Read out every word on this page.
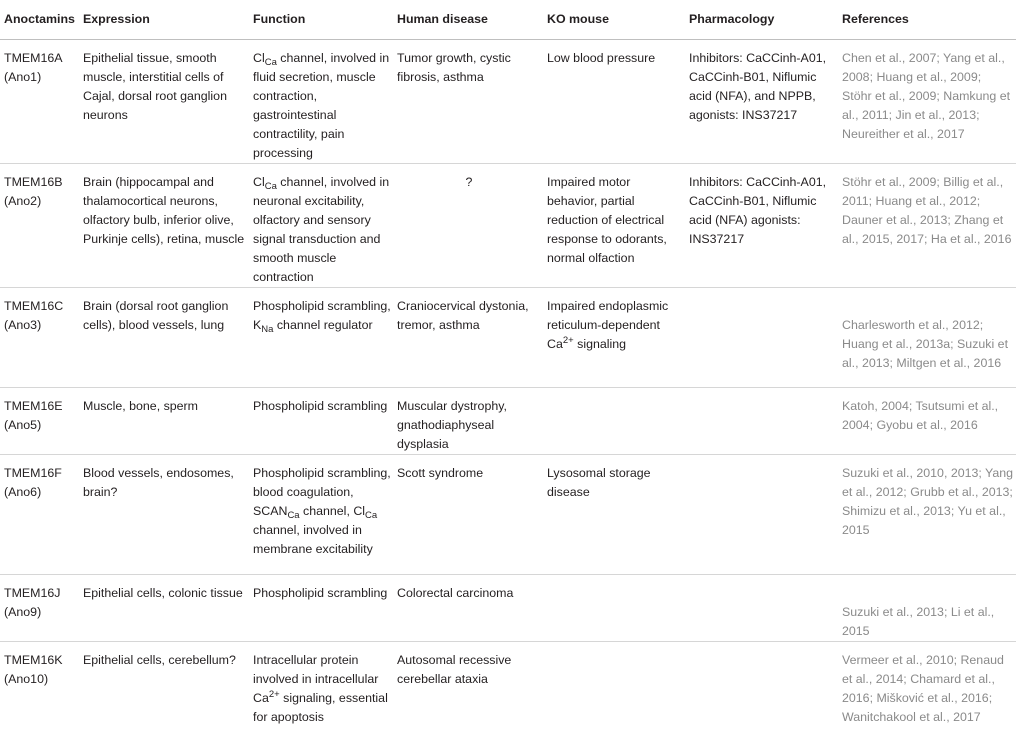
Anoctamins	Expression	Function	Human disease	KO mouse	Pharmacology	References
TMEM16A
(Ano1)	Epithelial tissue, smooth muscle, interstitial cells of Cajal, dorsal root ganglion neurons	$Cl_{Ca}$ channel, involved in fluid secretion, muscle contraction, gastrointestinal contractility, pain processing	Tumor growth, cystic fibrosis, asthma	Low blood pressure	Inhibitors: CaCCinh-A01, CaCCinh-B01, Niflumic acid (NFA), and NPPB, agonists: INS37217	Chen et al., 2007; Yang et al., 2008; Huang et al., 2009; Stöhr et al., 2009; Namkung et al., 2011; Jin et al., 2013; Neureither et al., 2017
TMEM16B
(Ano2)	Brain (hippocampal and thalamocortical neurons, olfactory bulb, inferior olive, Purkinje cells), retina, muscle	$Cl_{Ca}$ channel, involved in neuronal excitability, olfactory and sensory signal transduction and smooth muscle contraction	?	Impaired motor behavior, partial reduction of electrical response to odorants, normal olfaction	Inhibitors: CaCCinh-A01, CaCCinh-B01, Niflumic acid (NFA) agonists: INS37217	Stöhr et al., 2009; Billig et al., 2011; Huang et al., 2012; Dauner et al., 2013; Zhang et al., 2015, 2017; Ha et al., 2016
TMEM16C
(Ano3)	Brain (dorsal root ganglion cells), blood vessels, lung	Phospholipid scrambling, $K_{Na}$ channel regulator	Craniocervical dystonia, tremor, asthma	Impaired endoplasmic reticulum-dependent $Ca^{2+}$ signaling		Charlesworth et al., 2012; Huang et al., 2013a; Suzuki et al., 2013; Miltgen et al., 2016
TMEM16E
(Ano5)	Muscle, bone, sperm	Phospholipid scrambling	Muscular dystrophy, gnathodiaphyseal dysplasia			Katoh, 2004; Tsutsumi et al., 2004; Gyobu et al., 2016
TMEM16F
(Ano6)	Blood vessels, endosomes, brain?	Phospholipid scrambling, blood coagulation, $SCAN_{Ca}$ channel, $Cl_{Ca}$ channel, involved in membrane excitability	Scott syndrome	Lysosomal storage disease		Suzuki et al., 2010, 2013; Yang et al., 2012; Grubb et al., 2013; Shimizu et al., 2013; Yu et al., 2015
TMEM16J
(Ano9)	Epithelial cells, colonic tissue	Phospholipid scrambling	Colorectal carcinoma			Suzuki et al., 2013; Li et al., 2015
TMEM16K
(Ano10)	Epithelial cells, cerebellum?	Intracellular protein involved in intracellular $Ca^{2+}$ signaling, essential for apoptosis	Autosomal recessive cerebellar ataxia			Vermeer et al., 2010; Renaud et al., 2014; Chamard et al., 2016; Mišković et al., 2016; Wanitchakool et al., 2017
